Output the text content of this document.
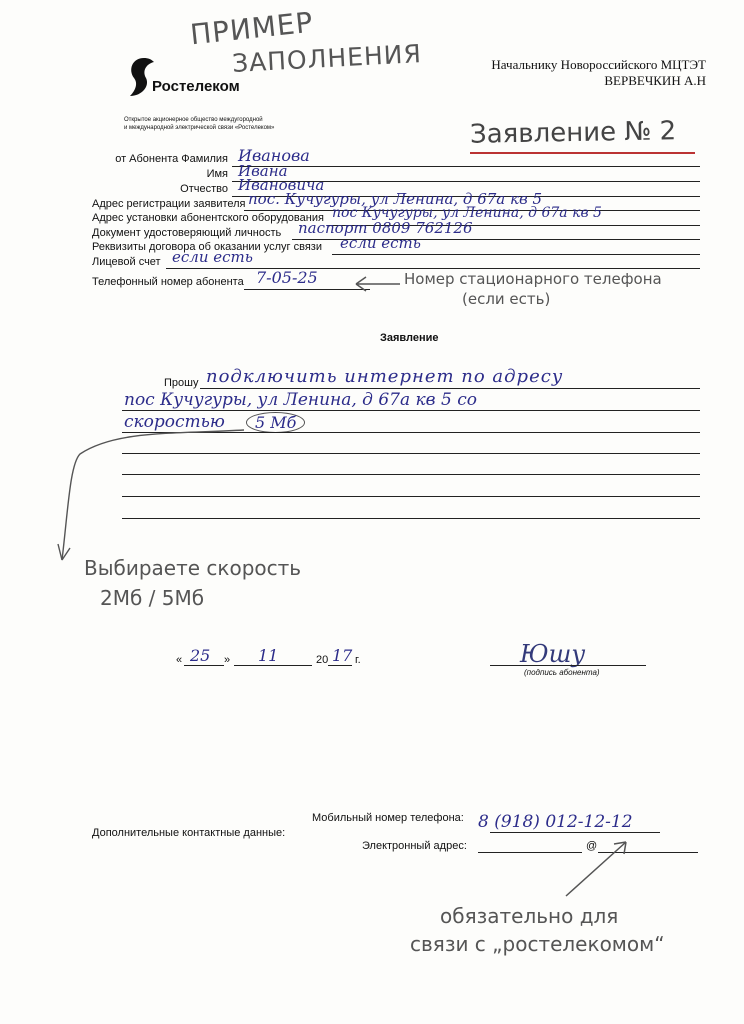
ПРИМЕР
ЗАПОЛНЕНИЯ
Ростелеком
Открытое акционерное общество междугородной
и международной электрической связи «Ростелеком»
Начальнику Новороссийского МЦТЭТ
ВЕРВЕЧКИН А.Н
Заявление № 2
от Абонента Фамилия Иванова
Имя Ивана
Отчество Ивановича
Адрес регистрации заявителя пос. Кучугуры, ул Ленина, д 67а кв 5
Адрес установки абонентского оборудования пос Кучугуры, ул Ленина, д 67а кв 5
Документ удостоверяющий личность паспорт 0809 762126
Реквизиты договора об оказании услуг связи если есть
Лицевой счет если есть
Телефонный номер абонента 7-05-25	Номер стационарного телефона
(если есть)
Заявление
Прошу подключить интернет по адресу
пос Кучугуры, ул Ленина, д 67а кв 5 со
скоростью	5 Мб
Выбираете скорость
2Мб / 5Мб
« 25 » 11	20 17 г.	Юшу
(подпись абонента)
Дополнительные контактные данные:
Мобильный номер телефона: 8 (918) 012-12-12
Электронный адрес:	@
обязательно для
связи с „ростелекомом“
